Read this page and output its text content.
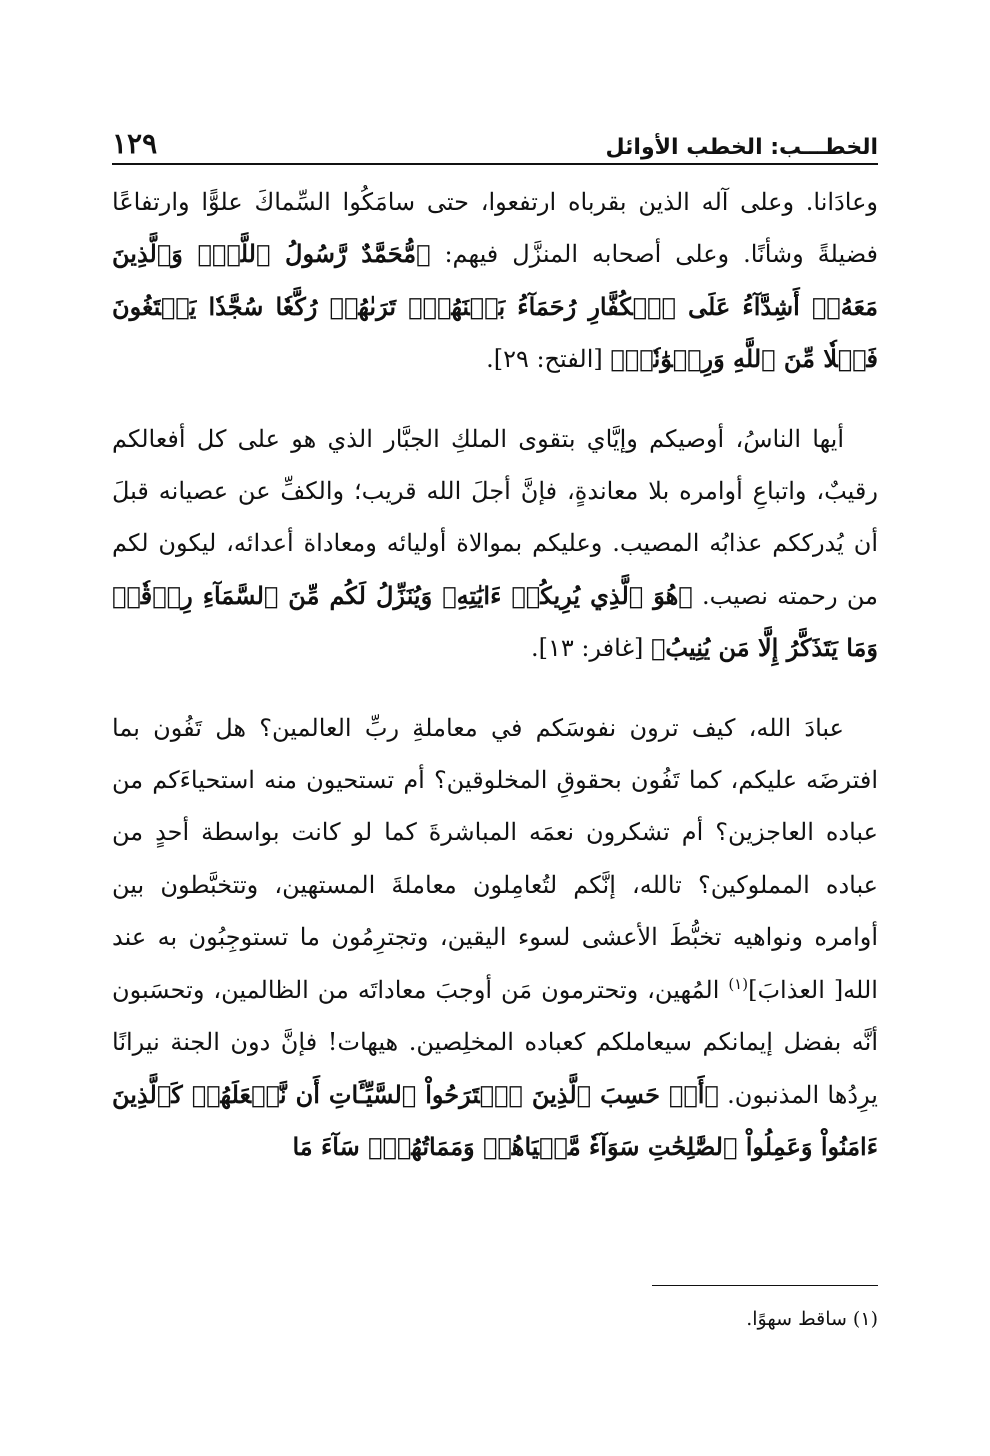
١٢٩	الخطـــب: الخطب الأوائل

وعادَانا. وعلى آله الذين بقرباه ارتفعوا، حتى سامَكُوا السِّماكَ علوًّا وارتفاعًا فضيلةً وشأنًا. وعلى أصحابه المنزَّل فيهم: ﴿مُّحَمَّدٌ رَّسُولُ ٱللَّهِۚ وَٱلَّذِينَ مَعَهُۥٓ أَشِدَّآءُ عَلَى ٱلۡكُفَّارِ رُحَمَآءُ بَيۡنَهُمۡۖ تَرَىٰهُمۡ رُكَّعٗا سُجَّدٗا يَبۡتَغُونَ فَضۡلٗا مِّنَ ٱللَّهِ وَرِضۡوَٰنٗاۖ﴾ [الفتح: ٢٩].

أيها الناسُ، أوصيكم وإيَّاي بتقوى الملكِ الجبَّار الذي هو على كل أفعالكم رقيبٌ، واتباعِ أوامره بلا معاندةٍ، فإنَّ أجلَ الله قريب؛ والكفِّ عن عصيانه قبلَ أن يُدرككم عذابُه المصيب. وعليكم بموالاة أوليائه ومعاداة أعدائه، ليكون لكم من رحمته نصيب. ﴿هُوَ ٱلَّذِي يُرِيكُمۡ ءَايَٰتِهِۦ وَيُنَزِّلُ لَكُم مِّنَ ٱلسَّمَآءِ رِزۡقٗاۚ وَمَا يَتَذَكَّرُ إِلَّا مَن يُنِيبُ﴾ [غافر: ١٣].

عبادَ الله، كيف ترون نفوسَكم في معاملةِ ربِّ العالمين؟ هل تَفُون بما افترضَه عليكم، كما تَفُون بحقوقِ المخلوقين؟ أم تستحيون منه استحياءَكم من عباده العاجزين؟ أم تشكرون نعمَه المباشرةَ كما لو كانت بواسطة أحدٍ من عباده المملوكين؟ تالله، إنَّكم لتُعامِلون معاملةَ المستهين، وتتخبَّطون بين أوامره ونواهيه تخبُّطَ الأعشى لسوء اليقين، وتجترِمُون ما تستوجِبُون به عند الله[ العذابَ]$^{(١)}$ المُهين، وتحترمون مَن أوجبَ معاداتَه من الظالمين، وتحسَبون أنَّه بفضل إيمانكم سيعاملكم كعباده المخلِصين. هيهات! فإنَّ دون الجنة نيرانًا يرِدُها المذنبون. ﴿أَمۡ حَسِبَ ٱلَّذِينَ ٱجۡتَرَحُواْ ٱلسَّيِّـَٔاتِ أَن نَّجۡعَلَهُمۡ كَٱلَّذِينَ ءَامَنُواْ وَعَمِلُواْ ٱلصَّٰلِحَٰتِ سَوَآءٗ مَّحۡيَاهُمۡ وَمَمَاتُهُمۡۚ سَآءَ مَا

(١) ساقط سهوًا.
